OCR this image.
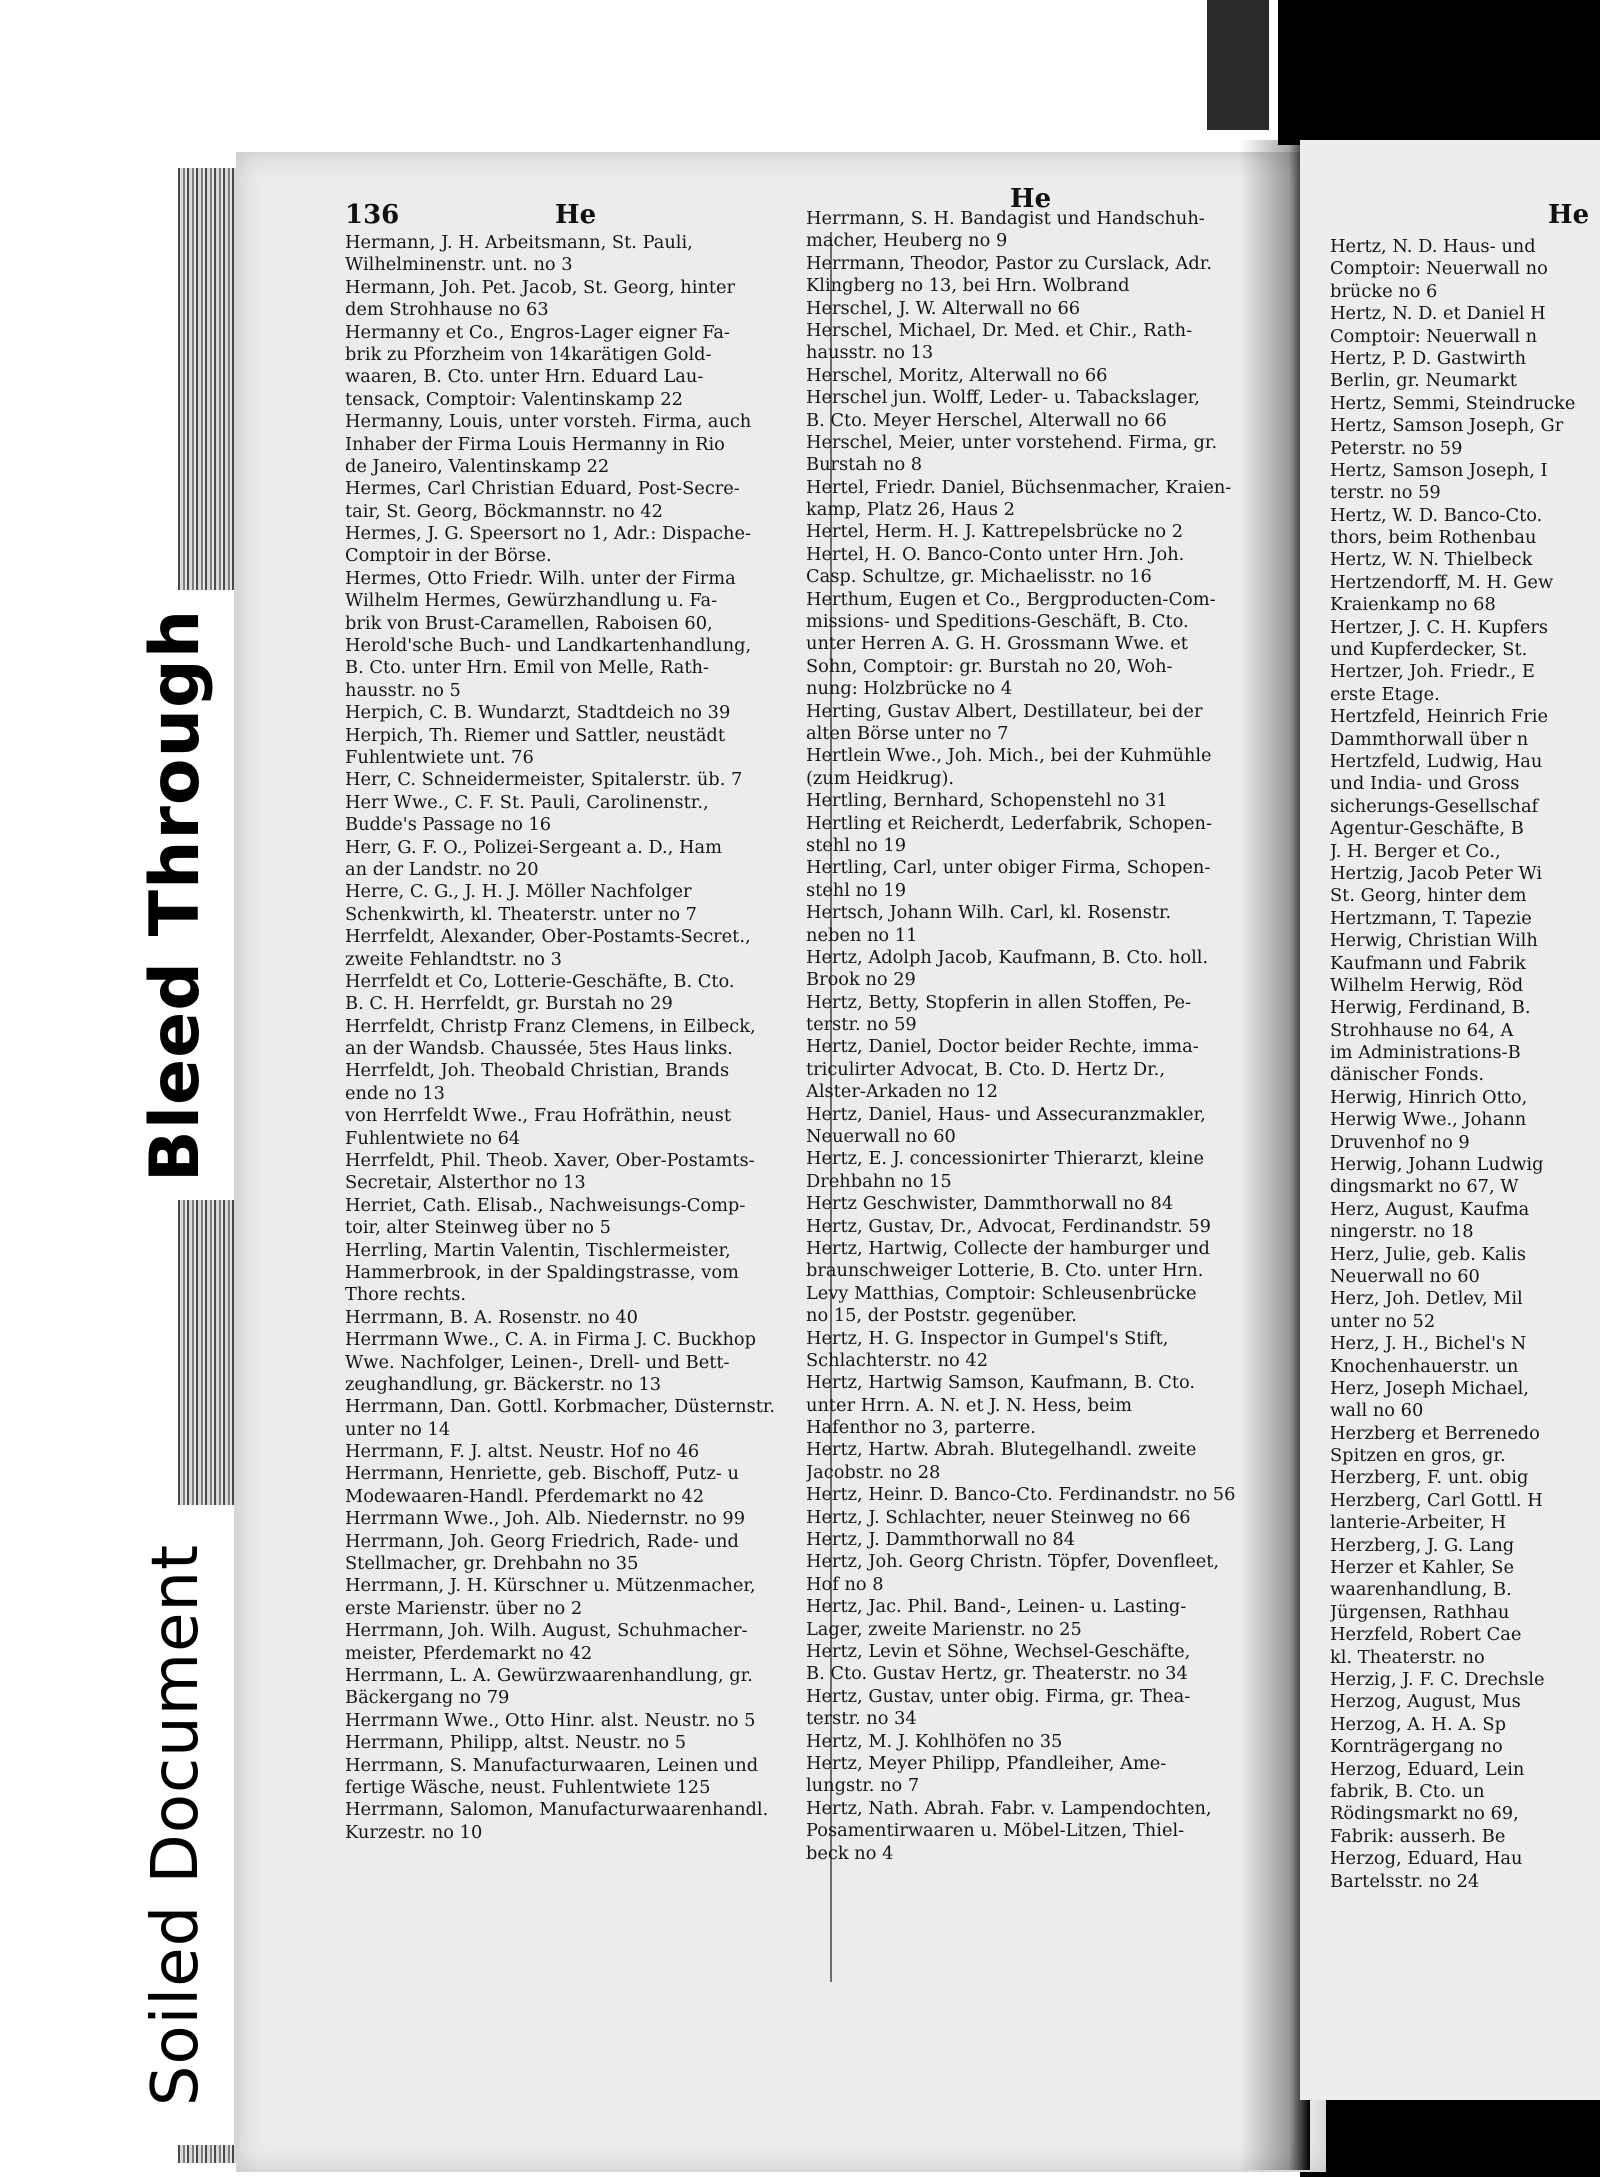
Bleed Through
Soiled Document
136	He
He
He
Hermann, J. H. Arbeitsmann, St. Pauli,
Wilhelminenstr. unt. no 3
Hermann, Joh. Pet. Jacob, St. Georg, hinter
dem Strohhause no 63
Hermanny et Co., Engros-Lager eigner Fa-
brik zu Pforzheim von 14karätigen Gold-
waaren, B. Cto. unter Hrn. Eduard Lau-
tensack, Comptoir: Valentinskamp 22
Hermanny, Louis, unter vorsteh. Firma, auch
Inhaber der Firma Louis Hermanny in Rio
de Janeiro, Valentinskamp 22
Hermes, Carl Christian Eduard, Post-Secre-
tair, St. Georg, Böckmannstr. no 42
Hermes, J. G. Speersort no 1, Adr.: Dispache-
Comptoir in der Börse.
Hermes, Otto Friedr. Wilh. unter der Firma
Wilhelm Hermes, Gewürzhandlung u. Fa-
brik von Brust-Caramellen, Raboisen 60,
Herold'sche Buch- und Landkartenhandlung,
B. Cto. unter Hrn. Emil von Melle, Rath-
hausstr. no 5
Herpich, C. B. Wundarzt, Stadtdeich no 39
Herpich, Th. Riemer und Sattler, neustädt
Fuhlentwiete unt. 76
Herr, C. Schneidermeister, Spitalerstr. üb. 7
Herr Wwe., C. F. St. Pauli, Carolinenstr.,
Budde's Passage no 16
Herr, G. F. O., Polizei-Sergeant a. D., Ham
an der Landstr. no 20
Herre, C. G., J. H. J. Möller Nachfolger
Schenkwirth, kl. Theaterstr. unter no 7
Herrfeldt, Alexander, Ober-Postamts-Secret.,
zweite Fehlandtstr. no 3
Herrfeldt et Co, Lotterie-Geschäfte, B. Cto.
B. C. H. Herrfeldt, gr. Burstah no 29
Herrfeldt, Christp Franz Clemens, in Eilbeck,
an der Wandsb. Chaussée, 5tes Haus links.
Herrfeldt, Joh. Theobald Christian, Brands
ende no 13
von Herrfeldt Wwe., Frau Hofräthin, neust
Fuhlentwiete no 64
Herrfeldt, Phil. Theob. Xaver, Ober-Postamts-
Secretair, Alsterthor no 13
Herriet, Cath. Elisab., Nachweisungs-Comp-
toir, alter Steinweg über no 5
Herrling, Martin Valentin, Tischlermeister,
Hammerbrook, in der Spaldingstrasse, vom
Thore rechts.
Herrmann, B. A. Rosenstr. no 40
Herrmann Wwe., C. A. in Firma J. C. Buckhop
Wwe. Nachfolger, Leinen-, Drell- und Bett-
zeughandlung, gr. Bäckerstr. no 13
Herrmann, Dan. Gottl. Korbmacher, Düsternstr.
unter no 14
Herrmann, F. J. altst. Neustr. Hof no 46
Herrmann, Henriette, geb. Bischoff, Putz- u
Modewaaren-Handl. Pferdemarkt no 42
Herrmann Wwe., Joh. Alb. Niedernstr. no 99
Herrmann, Joh. Georg Friedrich, Rade- und
Stellmacher, gr. Drehbahn no 35
Herrmann, J. H. Kürschner u. Mützenmacher,
erste Marienstr. über no 2
Herrmann, Joh. Wilh. August, Schuhmacher-
meister, Pferdemarkt no 42
Herrmann, L. A. Gewürzwaarenhandlung, gr.
Bäckergang no 79
Herrmann Wwe., Otto Hinr. alst. Neustr. no 5
Herrmann, Philipp, altst. Neustr. no 5
Herrmann, S. Manufacturwaaren, Leinen und
fertige Wäsche, neust. Fuhlentwiete 125
Herrmann, Salomon, Manufacturwaarenhandl.
Kurzestr. no 10
Herrmann, S. H. Bandagist und Handschuh-
macher, Heuberg no 9
Herrmann, Theodor, Pastor zu Curslack, Adr.
Klingberg no 13, bei Hrn. Wolbrand
Herschel, J. W. Alterwall no 66
Herschel, Michael, Dr. Med. et Chir., Rath-
hausstr. no 13
Herschel, Moritz, Alterwall no 66
Herschel jun. Wolff, Leder- u. Tabackslager,
B. Cto. Meyer Herschel, Alterwall no 66
Herschel, Meier, unter vorstehend. Firma, gr.
Burstah no 8
Hertel, Friedr. Daniel, Büchsenmacher, Kraien-
kamp, Platz 26, Haus 2
Hertel, Herm. H. J. Kattrepelsbrücke no 2
Hertel, H. O. Banco-Conto unter Hrn. Joh.
Casp. Schultze, gr. Michaelisstr. no 16
Herthum, Eugen et Co., Bergproducten-Com-
missions- und Speditions-Geschäft, B. Cto.
unter Herren A. G. H. Grossmann Wwe. et
Sohn, Comptoir: gr. Burstah no 20, Woh-
nung: Holzbrücke no 4
Herting, Gustav Albert, Destillateur, bei der
alten Börse unter no 7
Hertlein Wwe., Joh. Mich., bei der Kuhmühle
(zum Heidkrug).
Hertling, Bernhard, Schopenstehl no 31
Hertling et Reicherdt, Lederfabrik, Schopen-
stehl no 19
Hertling, Carl, unter obiger Firma, Schopen-
stehl no 19
Hertsch, Johann Wilh. Carl, kl. Rosenstr.
neben no 11
Hertz, Adolph Jacob, Kaufmann, B. Cto. holl.
Brook no 29
Hertz, Betty, Stopferin in allen Stoffen, Pe-
terstr. no 59
Hertz, Daniel, Doctor beider Rechte, imma-
triculirter Advocat, B. Cto. D. Hertz Dr.,
Alster-Arkaden no 12
Hertz, Daniel, Haus- und Assecuranzmakler,
Neuerwall no 60
Hertz, E. J. concessionirter Thierarzt, kleine
Drehbahn no 15
Hertz Geschwister, Dammthorwall no 84
Hertz, Gustav, Dr., Advocat, Ferdinandstr. 59
Hertz, Hartwig, Collecte der hamburger und
braunschweiger Lotterie, B. Cto. unter Hrn.
Levy Matthias, Comptoir: Schleusenbrücke
no 15, der Poststr. gegenüber.
Hertz, H. G. Inspector in Gumpel's Stift,
Schlachterstr. no 42
Hertz, Hartwig Samson, Kaufmann, B. Cto.
unter Hrrn. A. N. et J. N. Hess, beim
Hafenthor no 3, parterre.
Hertz, Hartw. Abrah. Blutegelhandl. zweite
Jacobstr. no 28
Hertz, Heinr. D. Banco-Cto. Ferdinandstr. no 56
Hertz, J. Schlachter, neuer Steinweg no 66
Hertz, J. Dammthorwall no 84
Hertz, Joh. Georg Christn. Töpfer, Dovenfleet,
Hof no 8
Hertz, Jac. Phil. Band-, Leinen- u. Lasting-
Lager, zweite Marienstr. no 25
Hertz, Levin et Söhne, Wechsel-Geschäfte,
B. Cto. Gustav Hertz, gr. Theaterstr. no 34
Hertz, Gustav, unter obig. Firma, gr. Thea-
terstr. no 34
Hertz, M. J. Kohlhöfen no 35
Hertz, Meyer Philipp, Pfandleiher, Ame-
lungstr. no 7
Hertz, Nath. Abrah. Fabr. v. Lampendochten,
Posamentirwaaren u. Möbel-Litzen, Thiel-
beck no 4
Hertz, N. D. Haus- und
Comptoir: Neuerwall no
brücke no 6
Hertz, N. D. et Daniel H
Comptoir: Neuerwall n
Hertz, P. D. Gastwirth
Berlin, gr. Neumarkt
Hertz, Semmi, Steindrucke
Hertz, Samson Joseph, Gr
Peterstr. no 59
Hertz, Samson Joseph, I
terstr. no 59
Hertz, W. D. Banco-Cto.
thors, beim Rothenbau
Hertz, W. N. Thielbeck
Hertzendorff, M. H. Gew
Kraienkamp no 68
Hertzer, J. C. H. Kupfers
und Kupferdecker, St.
Hertzer, Joh. Friedr., E
erste Etage.
Hertzfeld, Heinrich Frie
Dammthorwall über n
Hertzfeld, Ludwig, Hau
und India- und Gross
sicherungs-Gesellschaf
Agentur-Geschäfte, B
J. H. Berger et Co.,
Hertzig, Jacob Peter Wi
St. Georg, hinter dem
Hertzmann, T. Tapezie
Herwig, Christian Wilh
Kaufmann und Fabrik
Wilhelm Herwig, Röd
Herwig, Ferdinand, B.
Strohhause no 64, A
im Administrations-B
dänischer Fonds.
Herwig, Hinrich Otto,
Herwig Wwe., Johann
Druvenhof no 9
Herwig, Johann Ludwig
dingsmarkt no 67, W
Herz, August, Kaufma
ningerstr. no 18
Herz, Julie, geb. Kalis
Neuerwall no 60
Herz, Joh. Detlev, Mil
unter no 52
Herz, J. H., Bichel's N
Knochenhauerstr. un
Herz, Joseph Michael,
wall no 60
Herzberg et Berrenedo
Spitzen en gros, gr.
Herzberg, F. unt. obig
Herzberg, Carl Gottl. H
lanterie-Arbeiter, H
Herzberg, J. G. Lang
Herzer et Kahler, Se
waarenhandlung, B.
Jürgensen, Rathhau
Herzfeld, Robert Cae
kl. Theaterstr. no
Herzig, J. F. C. Drechsle
Herzog, August, Mus
Herzog, A. H. A. Sp
Kornträgergang no
Herzog, Eduard, Lein
fabrik, B. Cto. un
Rödingsmarkt no 69,
Fabrik: ausserh. Be
Herzog, Eduard, Hau
Bartelsstr. no 24
